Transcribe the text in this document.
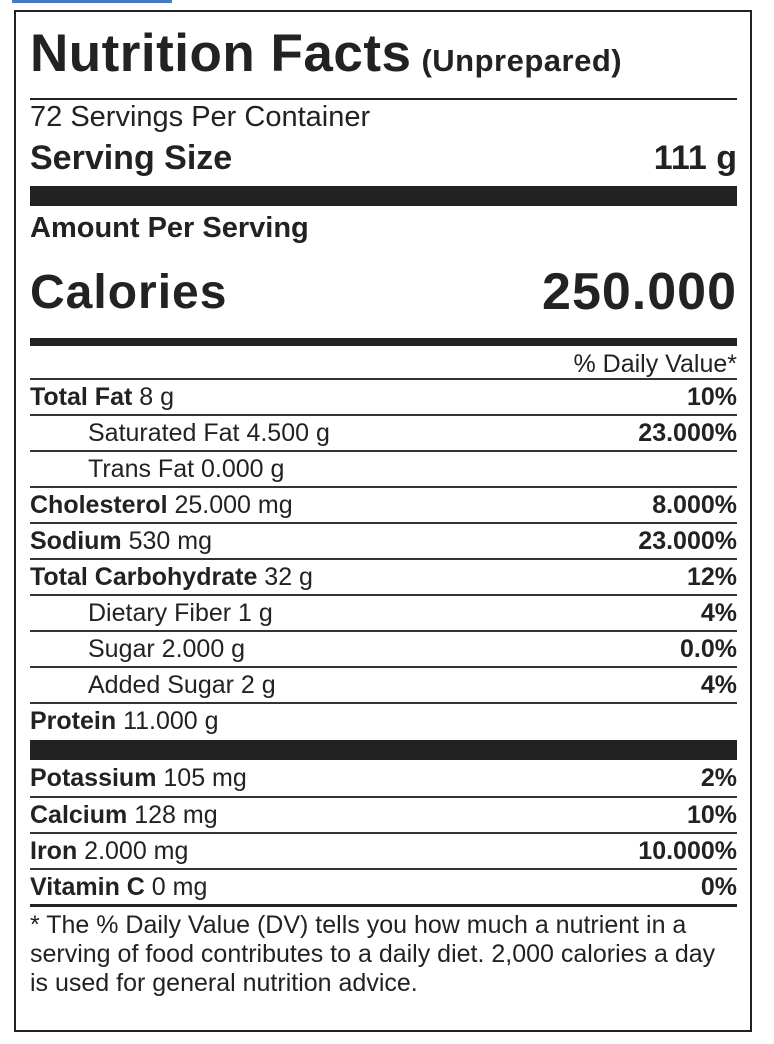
Nutrition Facts (Unprepared)
72 Servings Per Container
Serving Size	111 g
Amount Per Serving
Calories	250.000
% Daily Value*
Total Fat 8 g	10%
Saturated Fat 4.500 g	23.000%
Trans Fat 0.000 g
Cholesterol 25.000 mg	8.000%
Sodium 530 mg	23.000%
Total Carbohydrate 32 g	12%
Dietary Fiber 1 g	4%
Sugar 2.000 g	0.0%
Added Sugar 2 g	4%
Protein 11.000 g
Potassium 105 mg	2%
Calcium 128 mg	10%
Iron 2.000 mg	10.000%
Vitamin C 0 mg	0%
* The % Daily Value (DV) tells you how much a nutrient in a serving of food contributes to a daily diet. 2,000 calories a day is used for general nutrition advice.
